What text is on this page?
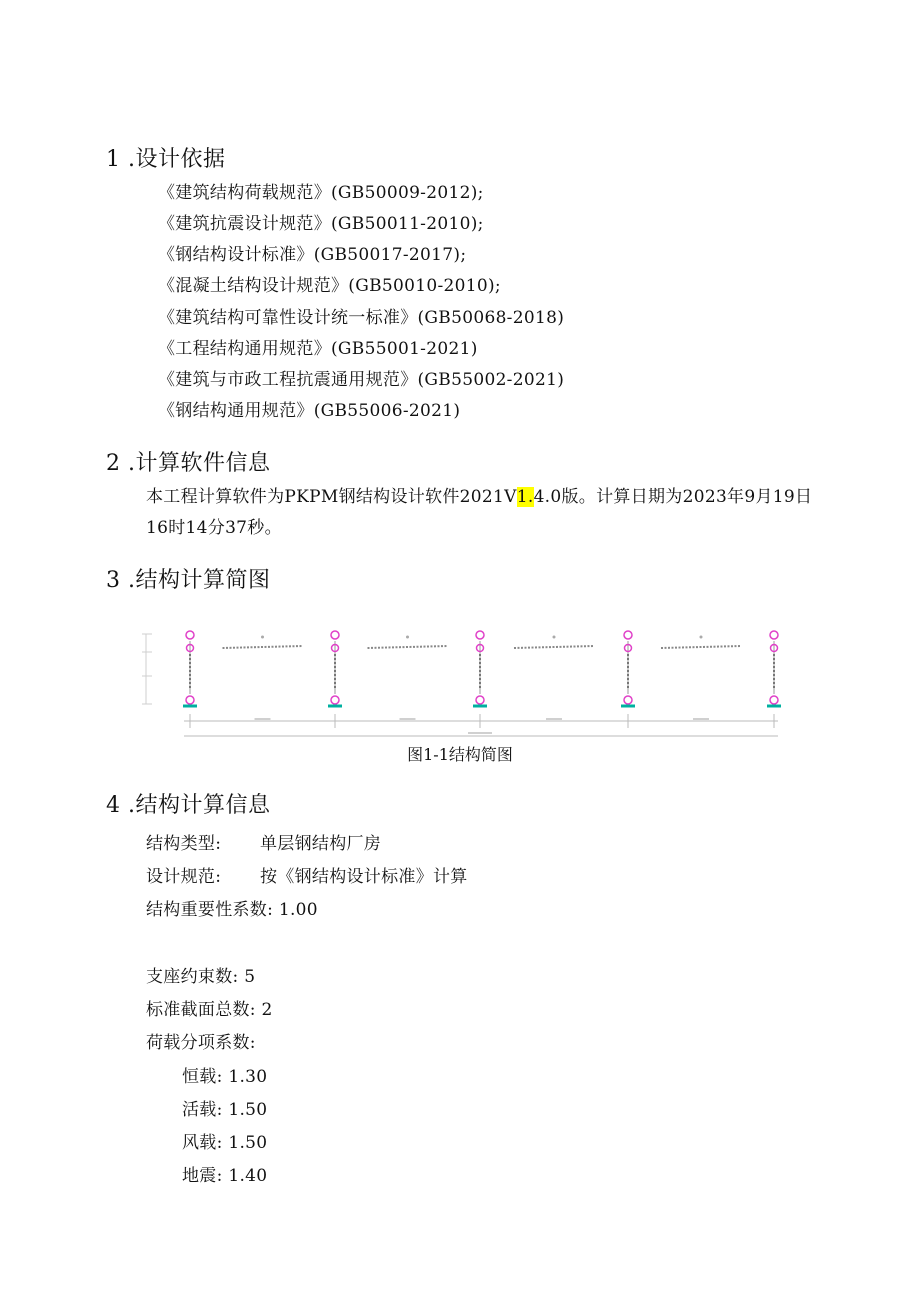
1 .设计依据
《建筑结构荷载规范》(GB50009-2012);
《建筑抗震设计规范》(GB50011-2010);
《钢结构设计标准》(GB50017-2017);
《混凝土结构设计规范》(GB50010-2010);
《建筑结构可靠性设计统一标准》(GB50068-2018)
《工程结构通用规范》(GB55001-2021)
《建筑与市政工程抗震通用规范》(GB55002-2021)
《钢结构通用规范》(GB55006-2021)
2 .计算软件信息
本工程计算软件为PKPM钢结构设计软件2021V1.4.0版。计算日期为2023年9月19日
16时14分37秒。
3 .结构计算简图
图1-1结构简图
4 .结构计算信息
结构类型: 单层钢结构厂房
设计规范: 按《钢结构设计标准》计算
结构重要性系数: 1.00
支座约束数: 5
标准截面总数: 2
荷载分项系数:
恒载: 1.30
活载: 1.50
风载: 1.50
地震: 1.40
